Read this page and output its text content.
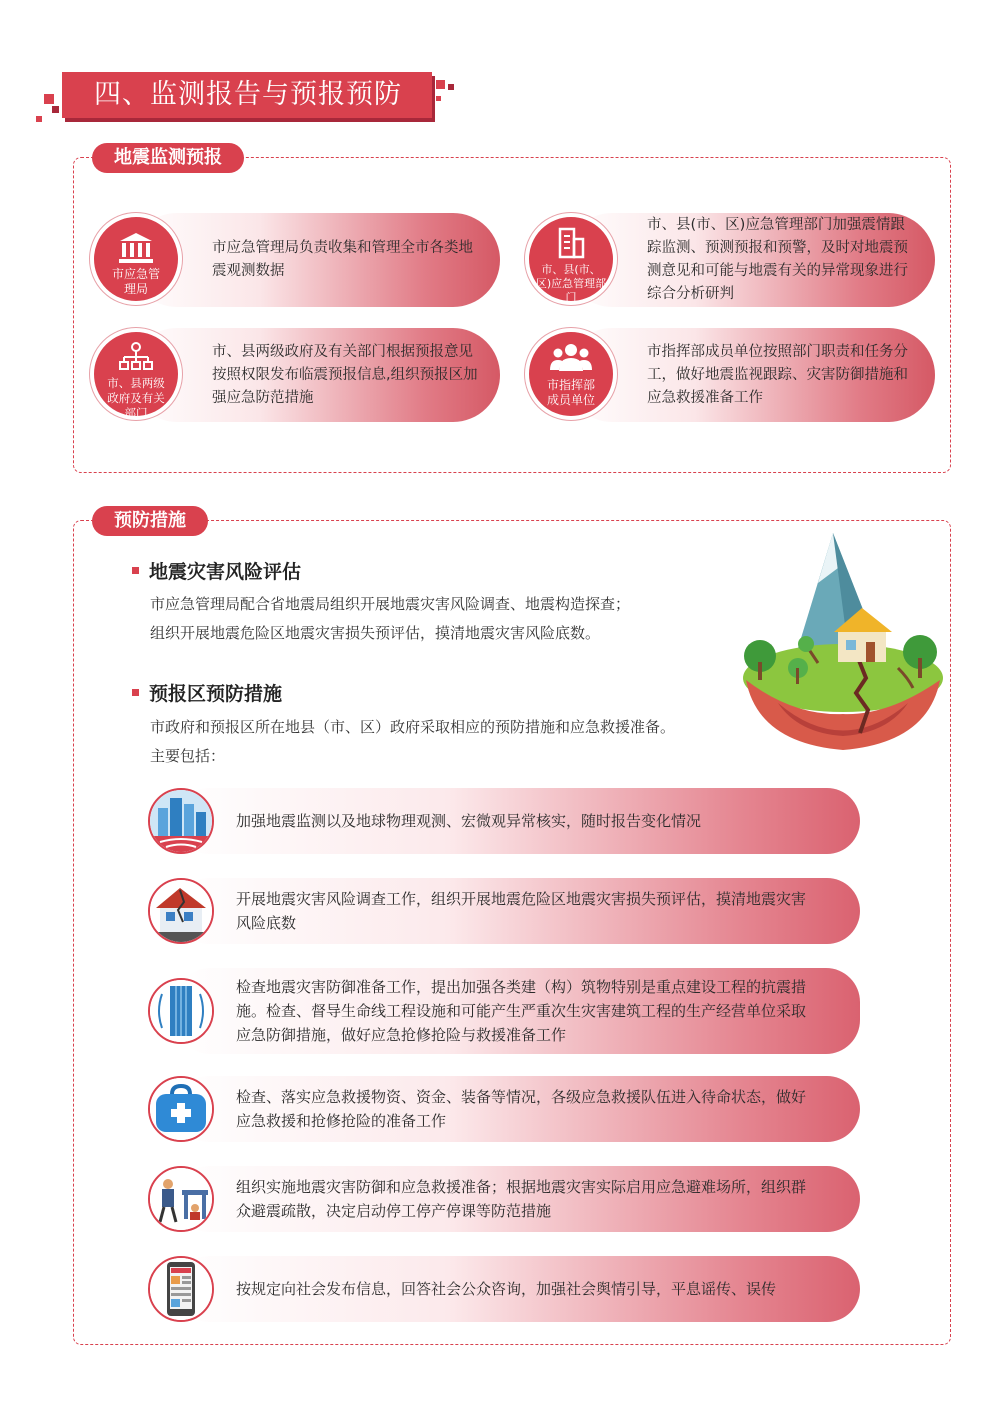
四、监测报告与预报预防
地震监测预报
市应急管理局
市应急管理局负责收集和管理全市各类地震观测数据	市、县(市、区)应急管理部门
市、县(市、区)应急管理部门加强震情跟踪监测、预测预报和预警，及时对地震预测意见和可能与地震有关的异常现象进行综合分析研判
市、县两级政府及有关部门
市、县两级政府及有关部门根据预报意见按照权限发布临震预报信息,组织预报区加强应急防范措施
市指挥部成员单位
市指挥部成员单位按照部门职责和任务分工，做好地震监视跟踪、灾害防御措施和应急救援准备工作
预防措施
地震灾害风险评估
市应急管理局配合省地震局组织开展地震灾害风险调查、地震构造探查；
组织开展地震危险区地震灾害损失预评估，摸清地震灾害风险底数。
预报区预防措施
市政府和预报区所在地县（市、区）政府采取相应的预防措施和应急救援准备。
主要包括：
加强地震监测以及地球物理观测、宏微观异常核实，随时报告变化情况
开展地震灾害风险调查工作，组织开展地震危险区地震灾害损失预评估，摸清地震灾害风险底数
检查地震灾害防御准备工作，提出加强各类建（构）筑物特别是重点建设工程的抗震措施。检查、督导生命线工程设施和可能产生严重次生灾害建筑工程的生产经营单位采取应急防御措施，做好应急抢修抢险与救援准备工作
检查、落实应急救援物资、资金、装备等情况，各级应急救援队伍进入待命状态，做好应急救援和抢修抢险的准备工作
组织实施地震灾害防御和应急救援准备；根据地震灾害实际启用应急避难场所，组织群众避震疏散，决定启动停工停产停课等防范措施
按规定向社会发布信息，回答社会公众咨询，加强社会舆情引导，平息谣传、误传
